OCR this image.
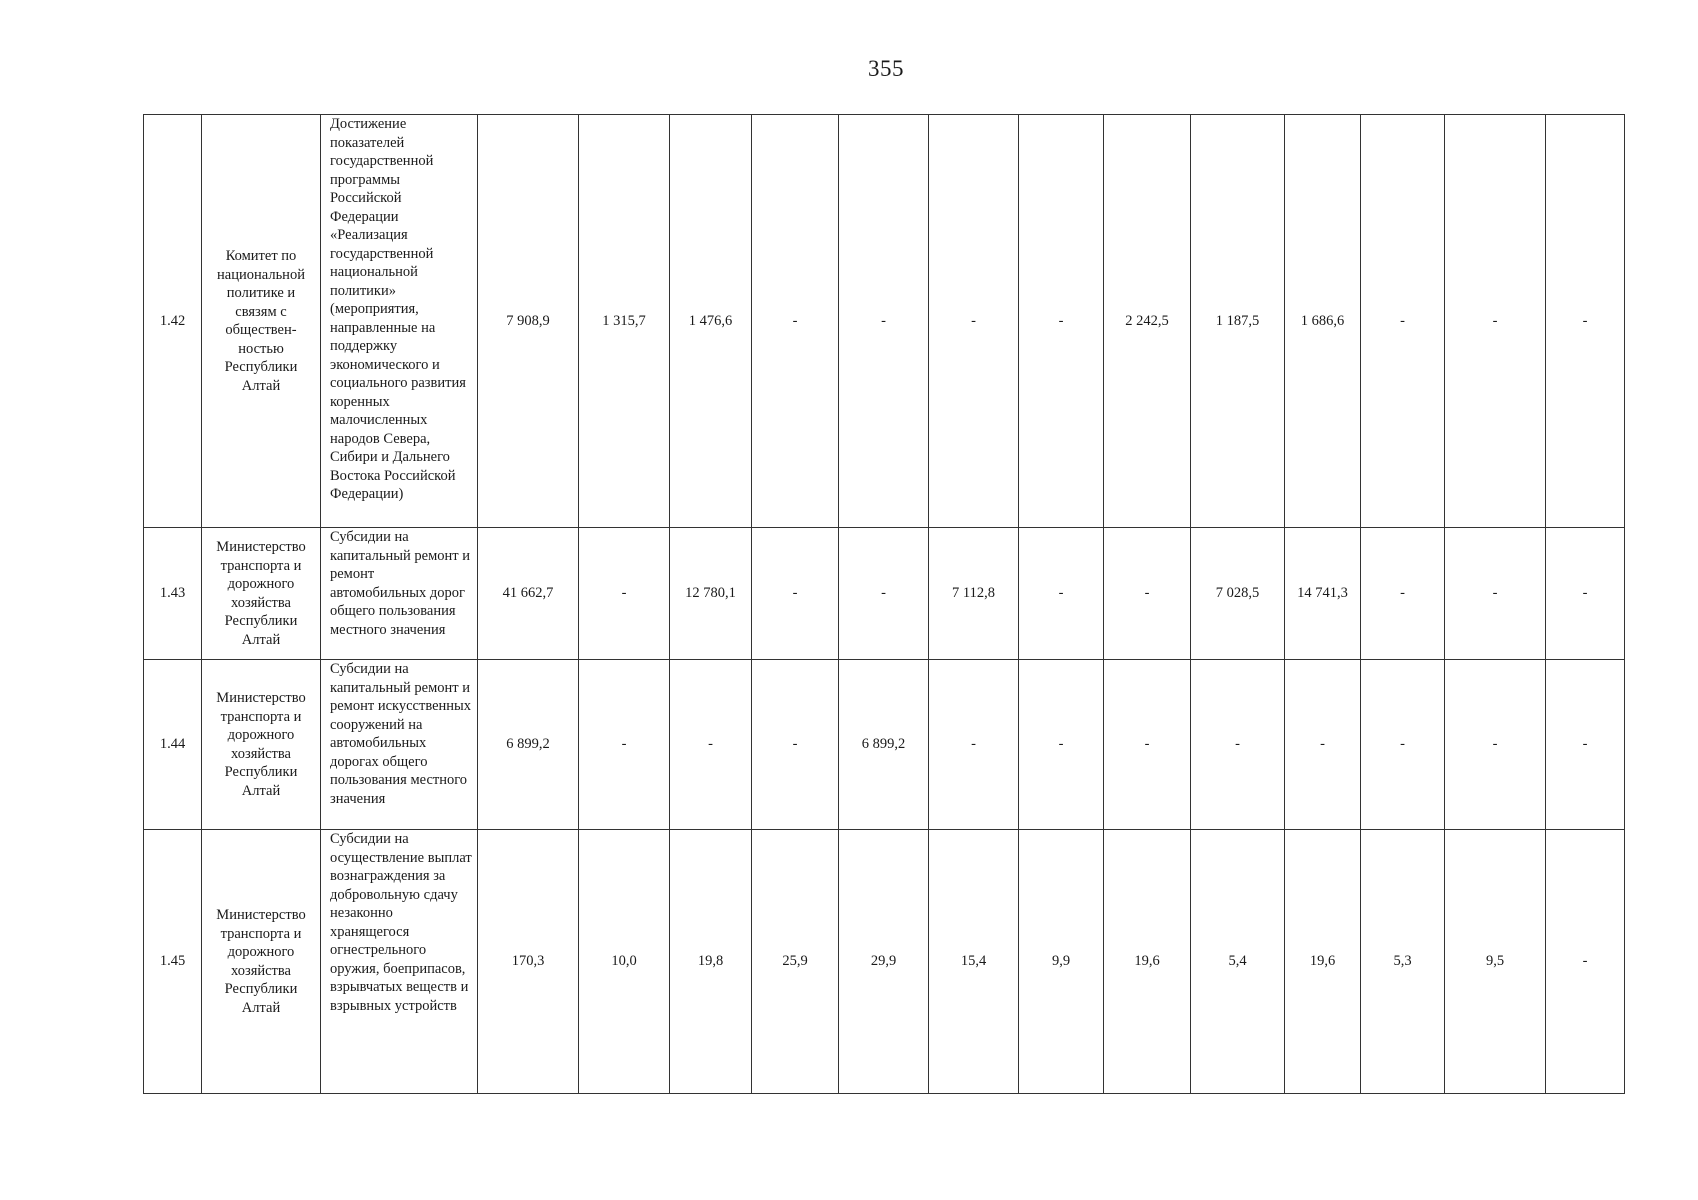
355
1.42	Комитет по национальной политике и связям с обществен-ностью Республики Алтай	Достижение показателей государственной программы Российской Федерации «Реализация государственной национальной политики» (мероприятия, направленные на поддержку экономического и социального развития коренных малочисленных народов Севера, Сибири и Дальнего Востока Российской Федерации)	7 908,9	1 315,7	1 476,6	-	-	-	-	2 242,5	1 187,5	1 686,6	-	-	-
1.43	Министерство транспорта и дорожного хозяйства Республики Алтай	Субсидии на капитальный ремонт и ремонт автомобильных дорог общего пользования местного значения	41 662,7	-	12 780,1	-	-	7 112,8	-	-	7 028,5	14 741,3	-	-	-
1.44	Министерство транспорта и дорожного хозяйства Республики Алтай	Субсидии на капитальный ремонт и ремонт искусственных сооружений на автомобильных дорогах общего пользования местного значения	6 899,2	-	-	-	6 899,2	-	-	-	-	-	-	-	-
1.45	Министерство транспорта и дорожного хозяйства Республики Алтай	Субсидии на осуществление выплат вознаграждения за добровольную сдачу незаконно хранящегося огнестрельного оружия, боеприпасов, взрывчатых веществ и взрывных устройств	170,3	10,0	19,8	25,9	29,9	15,4	9,9	19,6	5,4	19,6	5,3	9,5	-
